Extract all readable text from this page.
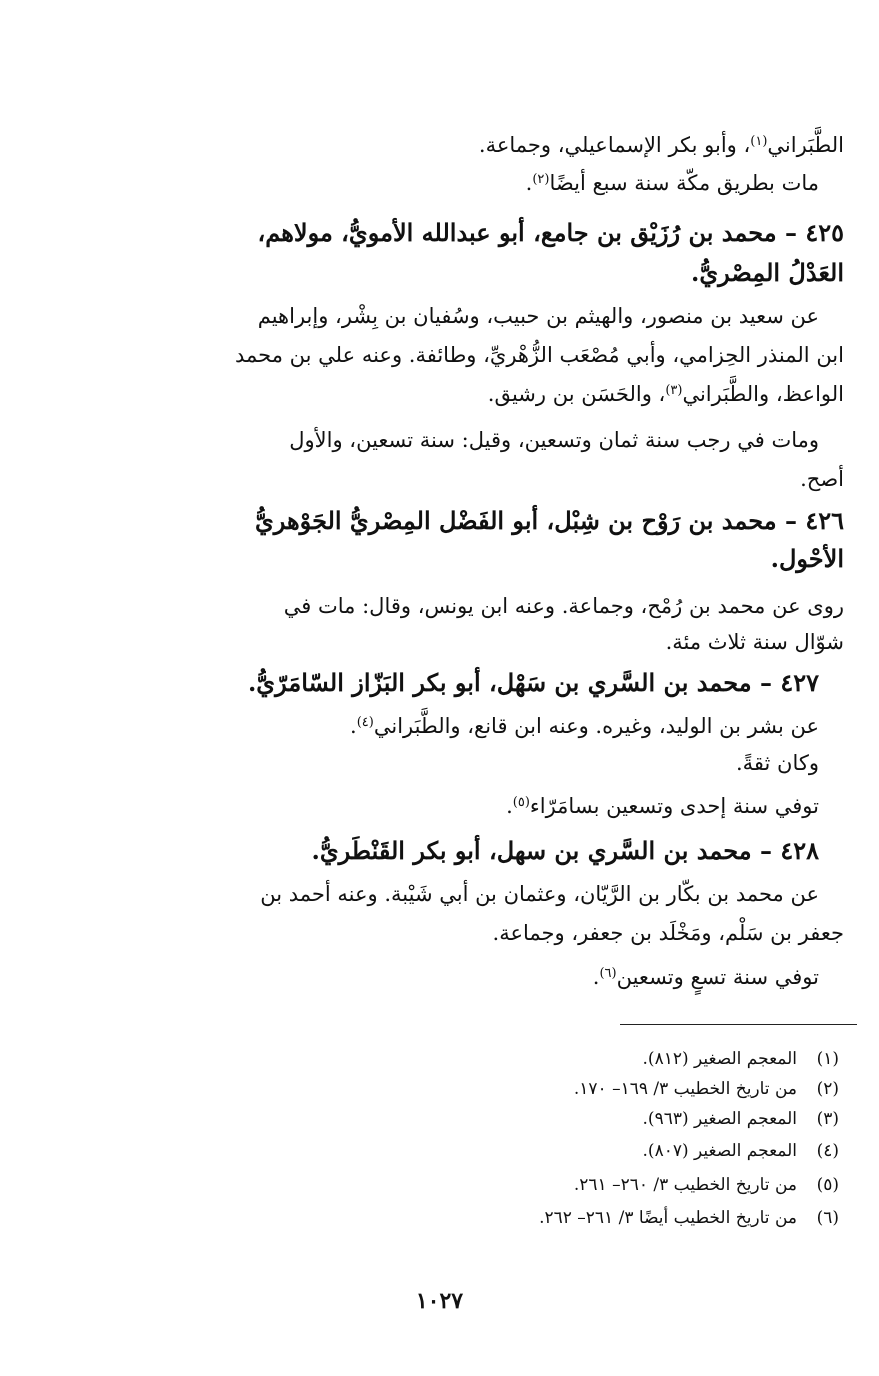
الطَّبَراني$^{(١)}$، وأبو بكر الإسماعيلي، وجماعة.
مات بطريق مكّة سنة سبع أيضًا$^{(٢)}$.
٤٢٥ – محمد بن رُزَيْق بن جامع، أبو عبدالله الأمويُّ، مولاهم،
العَدْلُ المِصْريُّ.
عن سعيد بن منصور، والهيثم بن حبيب، وسُفيان بن بِشْر، وإبراهيم
ابن المنذر الحِزامي، وأبي مُصْعَب الزُّهْريِّ، وطائفة. وعنه علي بن محمد
الواعظ، والطَّبَراني$^{(٣)}$، والحَسَن بن رشيق.
ومات في رجب سنة ثمان وتسعين، وقيل: سنة تسعين، والأول
أصح.
٤٢٦ – محمد بن رَوْح بن شِبْل، أبو الفَضْل المِصْريُّ الجَوْهريُّ
الأحْول.
روى عن محمد بن رُمْح، وجماعة. وعنه ابن يونس، وقال: مات في
شوّال سنة ثلاث مئة.
٤٢٧ – محمد بن السَّري بن سَهْل، أبو بكر البَزّاز السّامَرّيُّ.
عن بشر بن الوليد، وغيره. وعنه ابن قانع، والطَّبَراني$^{(٤)}$.
وكان ثقةً.
توفي سنة إحدى وتسعين بسامَرّاء$^{(٥)}$.
٤٢٨ – محمد بن السَّري بن سهل، أبو بكر القَنْطَريُّ.
عن محمد بن بكّار بن الرَّيّان، وعثمان بن أبي شَيْبة. وعنه أحمد بن
جعفر بن سَلْم، ومَخْلَد بن جعفر، وجماعة.
توفي سنة تسعٍ وتسعين$^{(٦)}$.
(١)المعجم الصغير (٨١٢).
(٢)من تاريخ الخطيب ٣/ ١٦٩– ١٧٠.
(٣)المعجم الصغير (٩٦٣).
(٤)المعجم الصغير (٨٠٧).
(٥)من تاريخ الخطيب ٣/ ٢٦٠– ٢٦١.
(٦)من تاريخ الخطيب أيضًا ٣/ ٢٦١– ٢٦٢.
١٠٢٧
